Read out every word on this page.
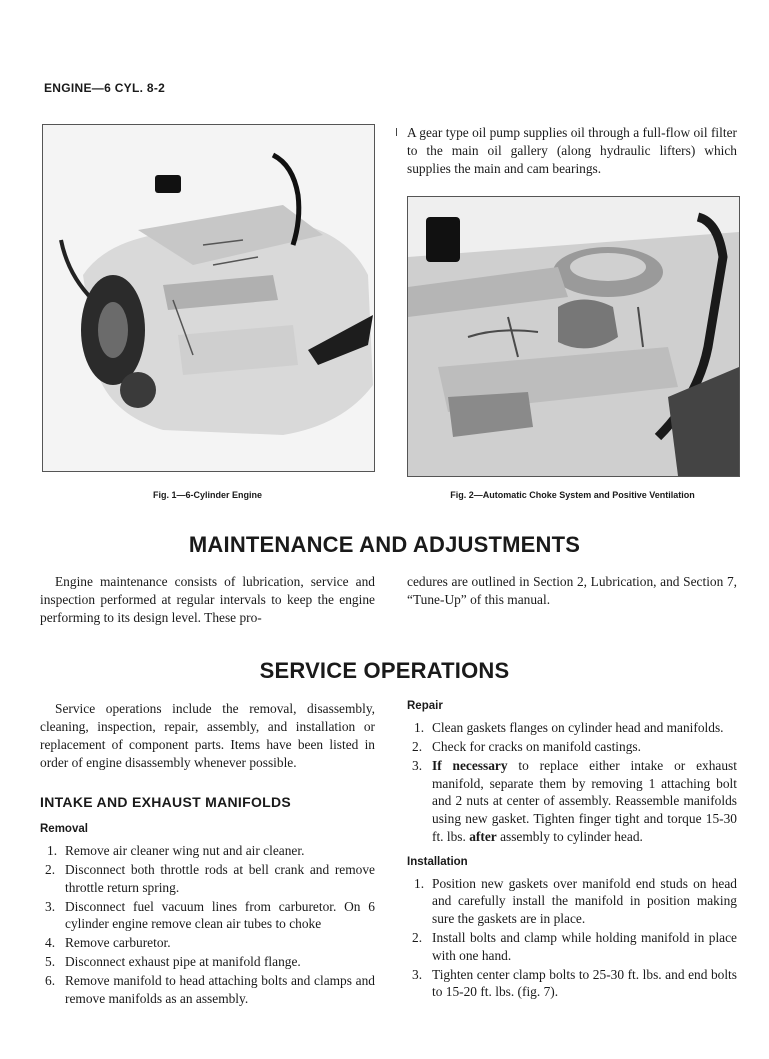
ENGINE—6 CYL. 8-2
Fig. 1—6-Cylinder Engine
A gear type oil pump supplies oil through a full-flow oil filter to the main oil gallery (along hydraulic lifters) which supplies the main and cam bearings.
Fig. 2—Automatic Choke System and Positive Ventilation
MAINTENANCE AND ADJUSTMENTS
Engine maintenance consists of lubrication, service and inspection performed at regular intervals to keep the engine performing to its design level. These pro-
cedures are outlined in Section 2, Lubrication, and Section 7, “Tune-Up” of this manual.
SERVICE OPERATIONS
Service operations include the removal, disassembly, cleaning, inspection, repair, assembly, and installation or replacement of component parts. Items have been listed in order of engine disassembly whenever possible.
INTAKE AND EXHAUST MANIFOLDS
Removal
1. Remove air cleaner wing nut and air cleaner.
2. Disconnect both throttle rods at bell crank and remove throttle return spring.
3. Disconnect fuel vacuum lines from carburetor. On 6 cylinder engine remove clean air tubes to choke
4. Remove carburetor.
5. Disconnect exhaust pipe at manifold flange.
6. Remove manifold to head attaching bolts and clamps and remove manifolds as an assembly.
Repair
1. Clean gaskets flanges on cylinder head and manifolds.
2. Check for cracks on manifold castings.
3. If necessary to replace either intake or exhaust manifold, separate them by removing 1 attaching bolt and 2 nuts at center of assembly. Reassemble manifolds using new gasket. Tighten finger tight and torque 15-30 ft. lbs. after assembly to cylinder head.
Installation
1. Position new gaskets over manifold end studs on head and carefully install the manifold in position making sure the gaskets are in place.
2. Install bolts and clamp while holding manifold in place with one hand.
3. Tighten center clamp bolts to 25-30 ft. lbs. and end bolts to 15-20 ft. lbs. (fig. 7).
